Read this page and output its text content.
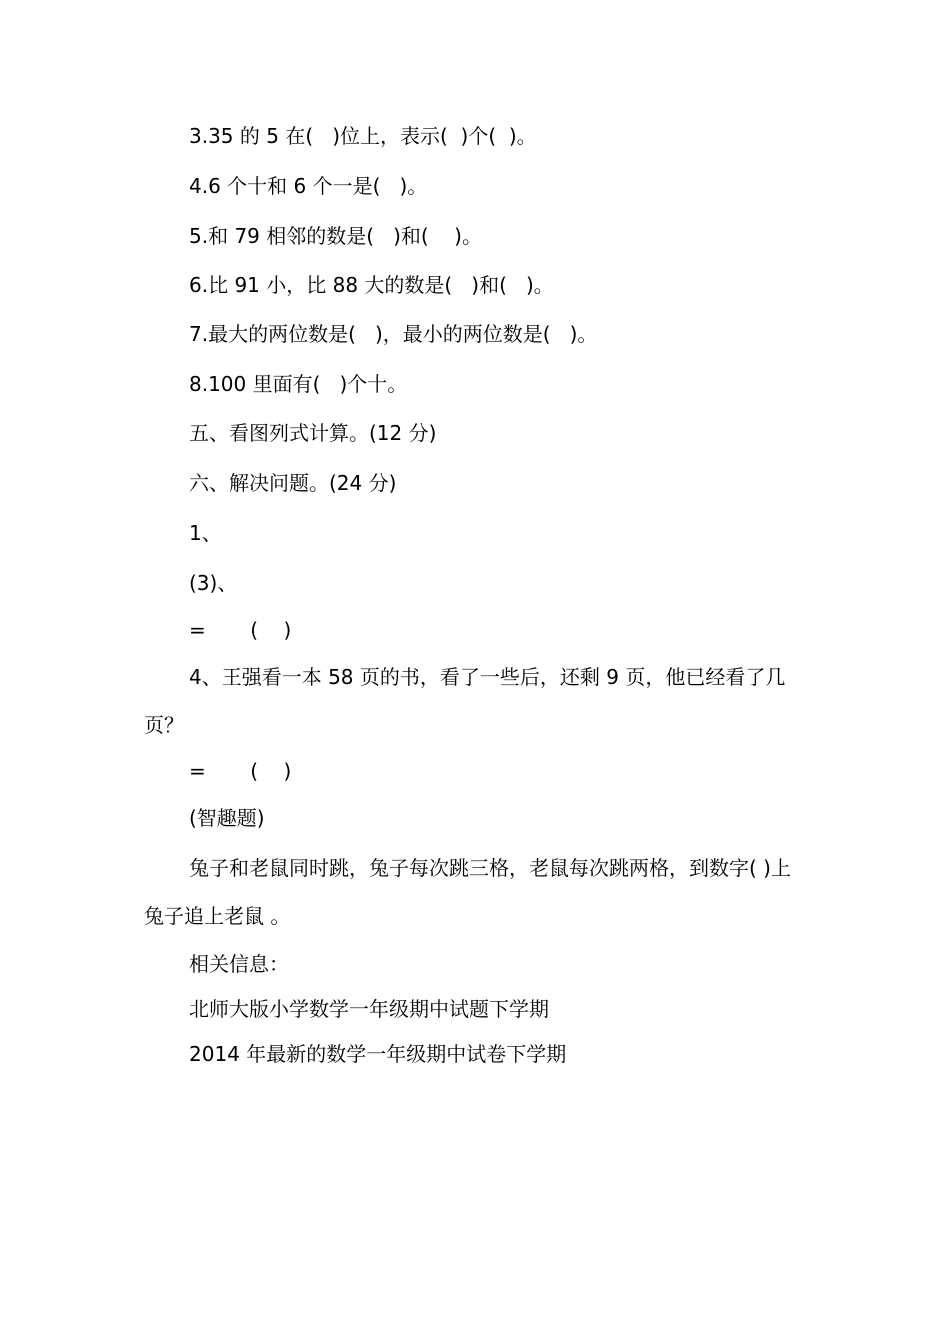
3.35 的 5 在(   )位上，表示(  )个(  )。
4.6 个十和 6 个一是(   )。
5.和 79 相邻的数是(   )和(    )。
6.比 91 小，比 88 大的数是(   )和(   )。
7.最大的两位数是(   )，最小的两位数是(   )。
8.100 里面有(   )个十。
五、看图列式计算。(12 分)
六、解决问题。(24 分)
1、
(3)、
=       (    )
4、王强看一本 58 页的书，看了一些后，还剩 9 页，他已经看了几页？
=       (    )
(智趣题)
兔子和老鼠同时跳，兔子每次跳三格，老鼠每次跳两格，到数字( )上兔子追上老鼠 。
相关信息：
北师大版小学数学一年级期中试题下学期
2014 年最新的数学一年级期中试卷下学期
